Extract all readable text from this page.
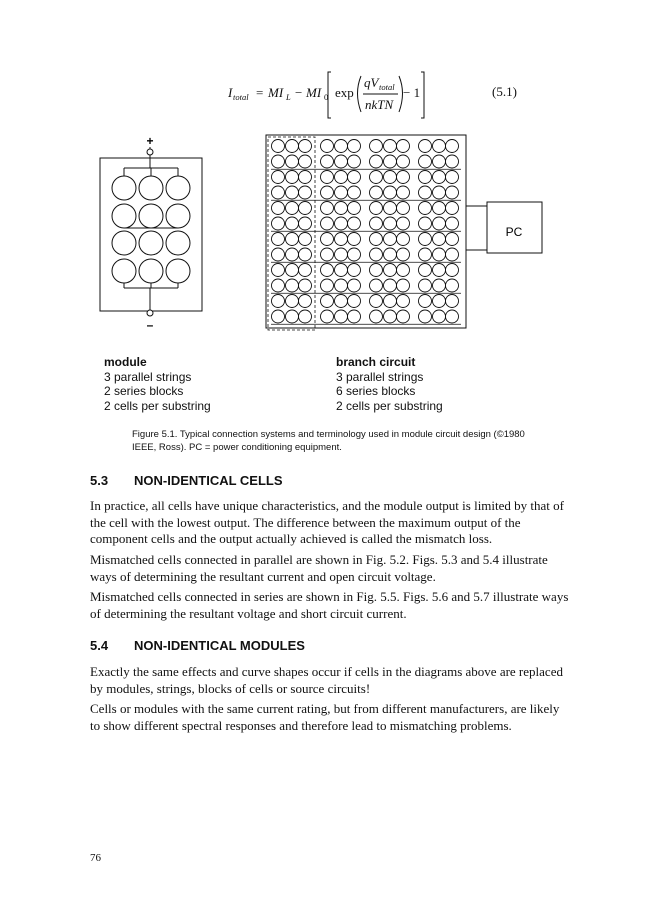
I total = MI L − MI 0 exp
qV total
nkTN
− 1	(5.1)
PC
+
–
module
3 parallel strings
2 series blocks
2 cells per substring
branch circuit
3 parallel strings
6 series blocks
2 cells per substring
Figure 5.1. Typical connection systems and terminology used in module circuit design (©1980 IEEE, Ross). PC = power conditioning equipment.
5.3 NON-IDENTICAL CELLS

In practice, all cells have unique characteristics, and the module output is limited by that of the cell with the lowest output. The difference between the maximum output of the component cells and the output actually achieved is called the mismatch loss.

Mismatched cells connected in parallel are shown in Fig. 5.2. Figs. 5.3 and 5.4 illustrate ways of determining the resultant current and open circuit voltage.

Mismatched cells connected in series are shown in Fig. 5.5. Figs. 5.6 and 5.7 illustrate ways of determining the resultant voltage and short circuit current.

5.4 NON-IDENTICAL MODULES

Exactly the same effects and curve shapes occur if cells in the diagrams above are replaced by modules, strings, blocks of cells or source circuits!

Cells or modules with the same current rating, but from different manufacturers, are likely to show different spectral responses and therefore lead to mismatching problems.

76
